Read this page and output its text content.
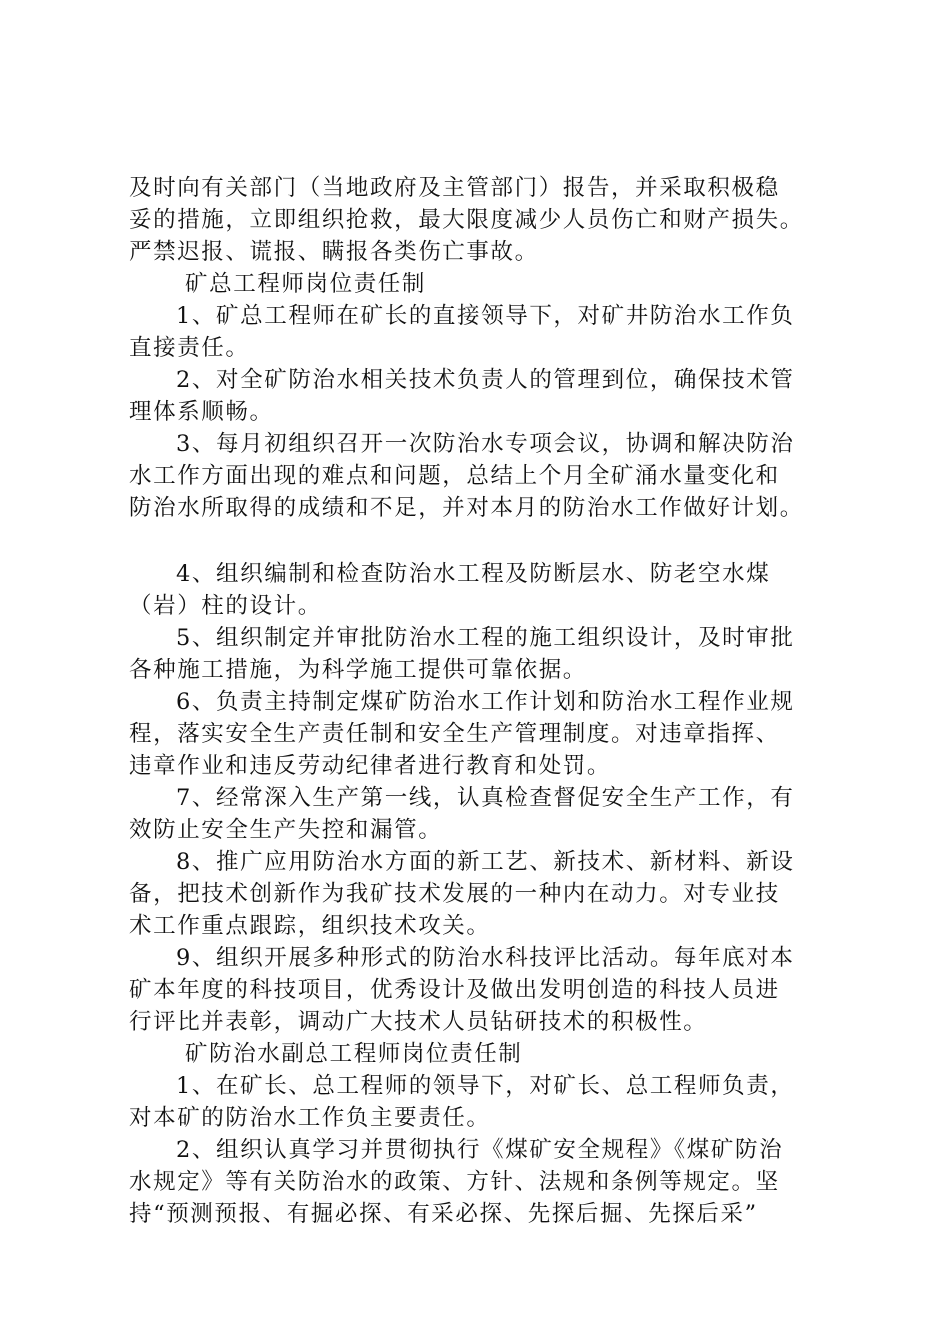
及时向有关部门（当地政府及主管部门）报告，并采取积极稳
妥的措施，立即组织抢救，最大限度减少人员伤亡和财产损失。
严禁迟报、谎报、瞒报各类伤亡事故。

矿总工程师岗位责任制

1、矿总工程师在矿长的直接领导下，对矿井防治水工作负

直接责任。

2、对全矿防治水相关技术负责人的管理到位，确保技术管

理体系顺畅。

3、每月初组织召开一次防治水专项会议，协调和解决防治

水工作方面出现的难点和问题，总结上个月全矿涌水量变化和
防治水所取得的成绩和不足，并对本月的防治水工作做好计划。

4、组织编制和检查防治水工程及防断层水、防老空水煤

（岩）柱的设计。

5、组织制定并审批防治水工程的施工组织设计，及时审批

各种施工措施，为科学施工提供可靠依据。

6、负责主持制定煤矿防治水工作计划和防治水工程作业规

程，落实安全生产责任制和安全生产管理制度。对违章指挥、
违章作业和违反劳动纪律者进行教育和处罚。

7、经常深入生产第一线，认真检查督促安全生产工作，有

效防止安全生产失控和漏管。

8、推广应用防治水方面的新工艺、新技术、新材料、新设

备，把技术创新作为我矿技术发展的一种内在动力。对专业技
术工作重点跟踪，组织技术攻关。

9、组织开展多种形式的防治水科技评比活动。每年底对本

矿本年度的科技项目，优秀设计及做出发明创造的科技人员进
行评比并表彰，调动广大技术人员钻研技术的积极性。

矿防治水副总工程师岗位责任制

1、在矿长、总工程师的领导下，对矿长、总工程师负责，

对本矿的防治水工作负主要责任。

2、组织认真学习并贯彻执行《煤矿安全规程》《煤矿防治

水规定》等有关防治水的政策、方针、法规和条例等规定。坚
持“预测预报、有掘必探、有采必探、先探后掘、先探后采”
